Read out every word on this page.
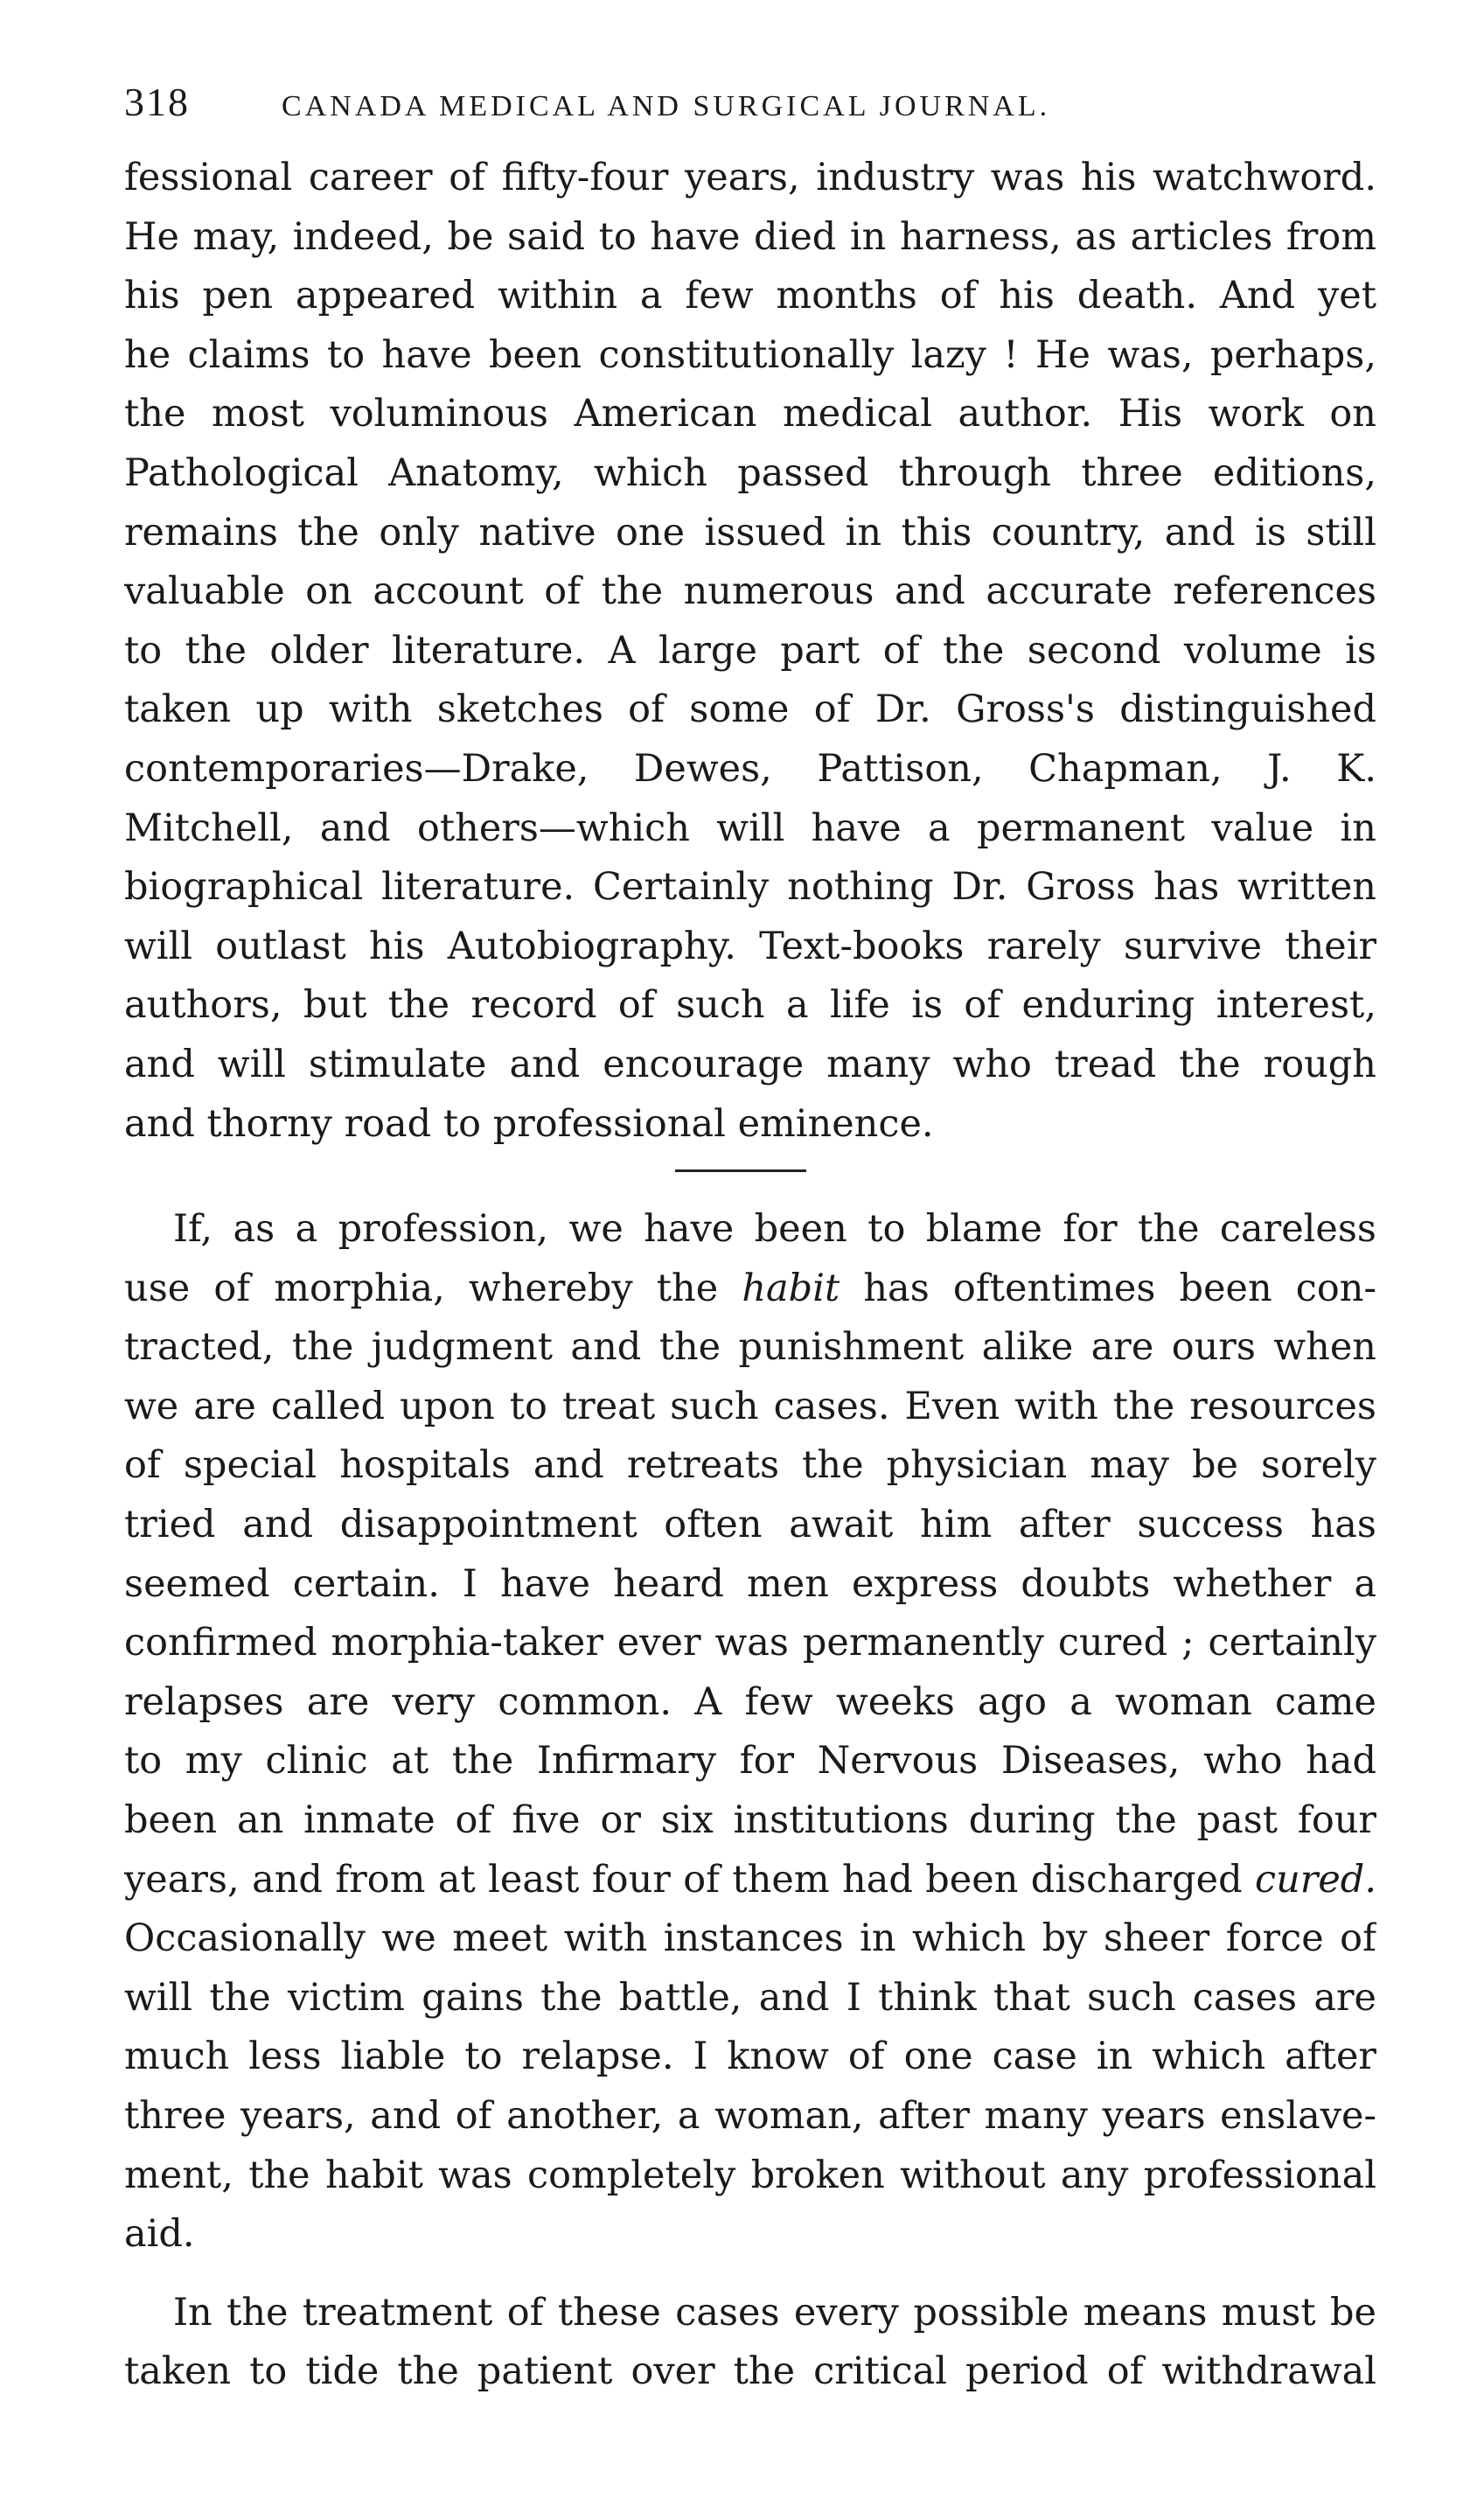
318	CANADA MEDICAL AND SURGICAL JOURNAL.
fessional career of fifty-four years, industry was his watchword.
He may, indeed, be said to have died in harness, as articles from
his pen appeared within a few months of his death. And yet
he claims to have been constitutionally lazy ! He was, perhaps,
the most voluminous American medical author. His work on
Pathological Anatomy, which passed through three editions,
remains the only native one issued in this country, and is still
valuable on account of the numerous and accurate references
to the older literature. A large part of the second volume is
taken up with sketches of some of Dr. Gross's distinguished
contemporaries—Drake, Dewes, Pattison, Chapman, J. K.
Mitchell, and others—which will have a permanent value in
biographical literature. Certainly nothing Dr. Gross has written
will outlast his Autobiography. Text-books rarely survive their
authors, but the record of such a life is of enduring interest,
and will stimulate and encourage many who tread the rough
and thorny road to professional eminence.
If, as a profession, we have been to blame for the careless
use of morphia, whereby the habit has oftentimes been con-
tracted, the judgment and the punishment alike are ours when
we are called upon to treat such cases. Even with the resources
of special hospitals and retreats the physician may be sorely
tried and disappointment often await him after success has
seemed certain. I have heard men express doubts whether a
confirmed morphia-taker ever was permanently cured ; certainly
relapses are very common. A few weeks ago a woman came
to my clinic at the Infirmary for Nervous Diseases, who had
been an inmate of five or six institutions during the past four
years, and from at least four of them had been discharged cured.
Occasionally we meet with instances in which by sheer force of
will the victim gains the battle, and I think that such cases are
much less liable to relapse. I know of one case in which after
three years, and of another, a woman, after many years enslave-
ment, the habit was completely broken without any professional
aid.
In the treatment of these cases every possible means must be
taken to tide the patient over the critical period of withdrawal
